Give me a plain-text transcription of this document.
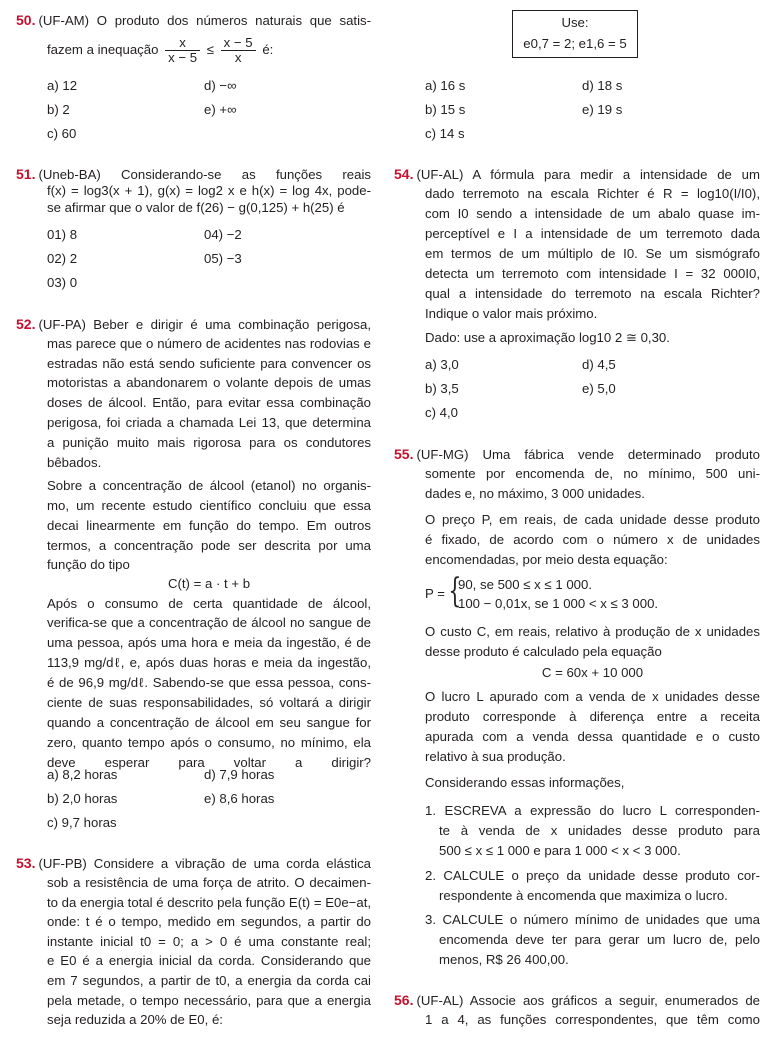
50. (UF-AM) O produto dos números naturais que satis-
fazem a inequação $\frac{x}{x - 5} \le \frac{x - 5}{x}$ é:
a) 12	d) −∞
b) 2	e) +∞
c) 60
51. (Uneb-BA) Considerando-se as funções reais
f(x) = log3(x + 1), g(x) = log2 x e h(x) = log 4x, pode-
se afirmar que o valor de f(26) − g(0,125) + h(25) é
01) 8	04) −2
02) 2	05) −3
03) 0
52. (UF-PA) Beber e dirigir é uma combinação perigosa,
mas parece que o número de acidentes nas rodovias e
estradas não está sendo suficiente para convencer os
motoristas a abandonarem o volante depois de umas
doses de álcool. Então, para evitar essa combinação
perigosa, foi criada a chamada Lei 13, que determina
a punição muito mais rigorosa para os condutores
bêbados.
Sobre a concentração de álcool (etanol) no organis-
mo, um recente estudo científico concluiu que essa
decai linearmente em função do tempo. Em outros
termos, a concentração pode ser descrita por uma
função do tipo
C(t) = a · t + b
Após o consumo de certa quantidade de álcool,
verifica-se que a concentração de álcool no sangue de
uma pessoa, após uma hora e meia da ingestão, é de
113,9 mg/dℓ, e, após duas horas e meia da ingestão,
é de 96,9 mg/dℓ. Sabendo-se que essa pessoa, cons-
ciente de suas responsabilidades, só voltará a dirigir
quando a concentração de álcool em seu sangue for
zero, quanto tempo após o consumo, no mínimo, ela
deve esperar para voltar a dirigir?
a) 8,2 horas	d) 7,9 horas
b) 2,0 horas	e) 8,6 horas
c) 9,7 horas
53. (UF-PB) Considere a vibração de uma corda elástica
sob a resistência de uma força de atrito. O decaimen-
to da energia total é descrito pela função E(t) = E0e−at,
onde: t é o tempo, medido em segundos, a partir do
instante inicial t0 = 0; a > 0 é uma constante real;
e E0 é a energia inicial da corda. Considerando que
em 7 segundos, a partir de t0, a energia da corda cai
pela metade, o tempo necessário, para que a energia
seja reduzida a 20% de E0, é:
Use:
e0,7 = 2; e1,6 = 5
a) 16 s	d) 18 s
b) 15 s	e) 19 s
c) 14 s
54. (UF-AL) A fórmula para medir a intensidade de um
dado terremoto na escala Richter é R = log10(I/I0),
com I0 sendo a intensidade de um abalo quase im-
perceptível e I a intensidade de um terremoto dada
em termos de um múltiplo de I0. Se um sismógrafo
detecta um terremoto com intensidade I = 32 000I0,
qual a intensidade do terremoto na escala Richter?
Indique o valor mais próximo.
Dado: use a aproximação log10 2 ≅ 0,30.
a) 3,0	d) 4,5
b) 3,5	e) 5,0
c) 4,0
55. (UF-MG) Uma fábrica vende determinado produto
somente por encomenda de, no mínimo, 500 uni-
dades e, no máximo, 3 000 unidades.
O preço P, em reais, de cada unidade desse produto
é fixado, de acordo com o número x de unidades
encomendadas, por meio desta equação:
P = {
90, se 500 ≤ x ≤ 1 000.
100 − 0,01x, se 1 000 < x ≤ 3 000.
O custo C, em reais, relativo à produção de x unidades
desse produto é calculado pela equação
C = 60x + 10 000
O lucro L apurado com a venda de x unidades desse
produto corresponde à diferença entre a receita
apurada com a venda dessa quantidade e o custo
relativo à sua produção.
Considerando essas informações,
1. ESCREVA a expressão do lucro L corresponden-
te à venda de x unidades desse produto para
500 ≤ x ≤ 1 000 e para 1 000 < x < 3 000.
2. CALCULE o preço da unidade desse produto cor-
respondente à encomenda que maximiza o lucro.
3. CALCULE o número mínimo de unidades que uma
encomenda deve ter para gerar um lucro de, pelo
menos, R$ 26 400,00.
56. (UF-AL) Associe aos gráficos a seguir, enumerados de
1 a 4, as funções correspondentes, que têm como
